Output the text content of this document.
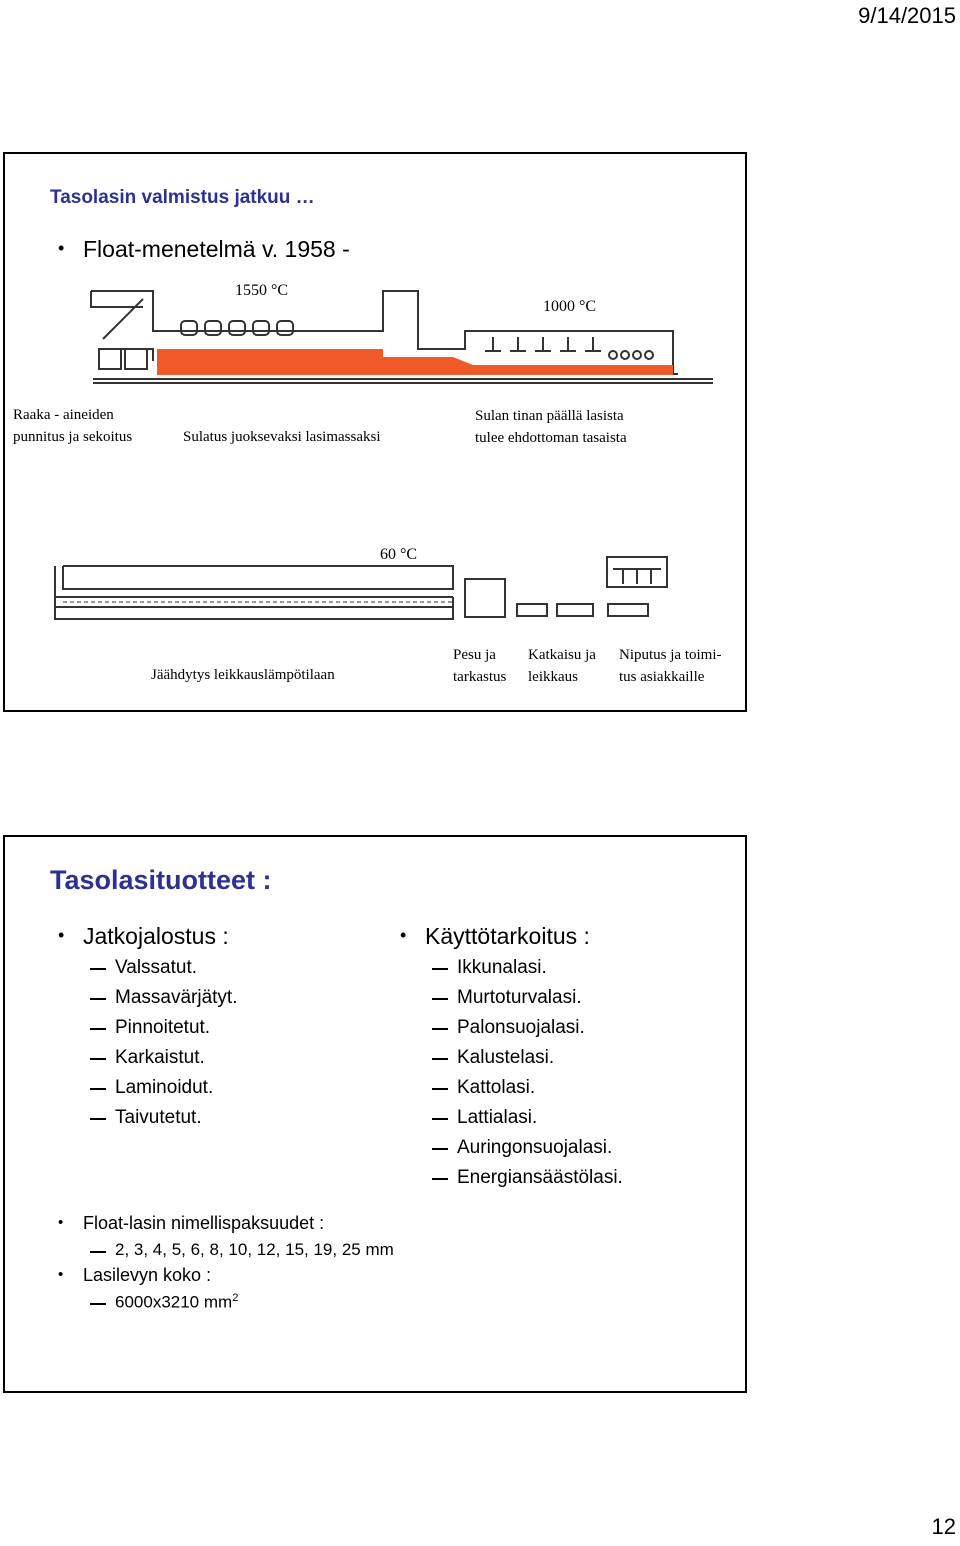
9/14/2015
Tasolasin valmistus jatkuu …
• Float-menetelmä v. 1958 -
1550 °C
1000 °C
Raaka - aineiden
punnitus ja sekoitus	Sulatus juoksevaksi lasimassaksi
Sulan tinan päällä lasista
tulee ehdottoman tasaista
60 °C
Jäähdytys leikkauslämpötilaan
Pesu ja
tarkastus
Katkaisu ja
leikkaus
Niputus ja toimi-
tus asiakkaille
Tasolasituotteet :
• Jatkojalostus :
Valssatut.
Massavärjätyt.
Pinnoitetut.
Karkaistut.
Laminoidut.
Taivutetut.
• Käyttötarkoitus :
Ikkunalasi.
Murtoturvalasi.
Palonsuojalasi.
Kalustelasi.
Kattolasi.
Lattialasi.
Auringonsuojalasi.
Energiansäästölasi.
• Float-lasin nimellispaksuudet :
2, 3, 4, 5, 6, 8, 10, 12, 15, 19, 25 mm
• Lasilevyn koko :
6000x3210 $mm^2$
12
